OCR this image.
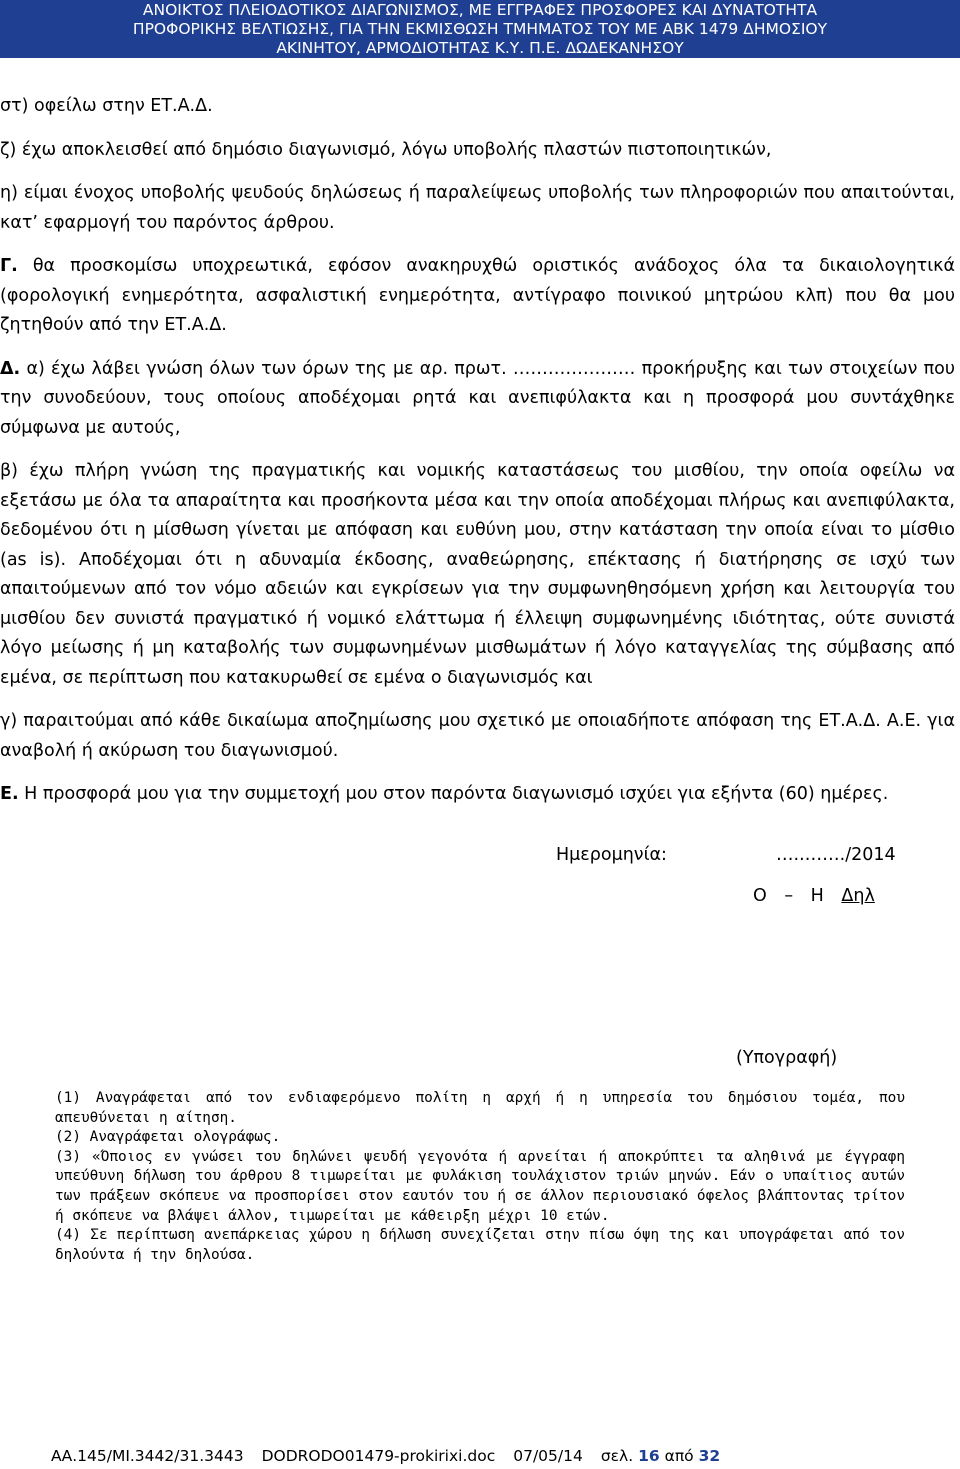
ΑΝΟΙΚΤΟΣ ΠΛΕΙΟΔΟΤΙΚΟΣ ΔΙΑΓΩΝΙΣΜΟΣ, ΜΕ ΕΓΓΡΑΦΕΣ ΠΡΟΣΦΟΡΕΣ ΚΑΙ ΔΥΝΑΤΟΤΗΤΑ
ΠΡΟΦΟΡΙΚΗΣ ΒΕΛΤΙΩΣΗΣ, ΓΙΑ ΤΗΝ ΕΚΜΙΣΘΩΣΗ ΤΜΗΜΑΤΟΣ ΤΟΥ ΜΕ ΑΒΚ 1479 ΔΗΜΟΣΙΟΥ
ΑΚΙΝΗΤΟΥ, ΑΡΜΟΔΙΟΤΗΤΑΣ Κ.Υ. Π.Ε. ΔΩΔΕΚΑΝΗΣΟΥ

στ) οφείλω στην ΕΤ.Α.Δ.

ζ) έχω αποκλεισθεί από δημόσιο διαγωνισμό, λόγω υποβολής πλαστών πιστοποιητικών,

η) είμαι ένοχος υποβολής ψευδούς δηλώσεως ή παραλείψεως υποβολής των πληροφοριών που απαιτούνται, κατ’ εφαρμογή του παρόντος άρθρου.

Γ. θα προσκομίσω υποχρεωτικά, εφόσον ανακηρυχθώ οριστικός ανάδοχος όλα τα δικαιολογητικά (φορολογική ενημερότητα, ασφαλιστική ενημερότητα, αντίγραφο ποινικού μητρώου κλπ) που θα μου ζητηθούν από την ΕΤ.Α.Δ.

Δ. α) έχω λάβει γνώση όλων των όρων της με αρ. πρωτ. ………………… προκήρυξης και των στοιχείων που την συνοδεύουν, τους οποίους αποδέχομαι ρητά και ανεπιφύλακτα και η προσφορά μου συντάχθηκε σύμφωνα με αυτούς,

β) έχω πλήρη γνώση της πραγματικής και νομικής καταστάσεως του μισθίου, την οποία οφείλω να εξετάσω με όλα τα απαραίτητα και προσήκοντα μέσα και την οποία αποδέχομαι πλήρως και ανεπιφύλακτα, δεδομένου ότι η μίσθωση γίνεται με απόφαση και ευθύνη μου, στην κατάσταση την οποία είναι το μίσθιο (as is). Αποδέχομαι ότι η αδυναμία έκδοσης, αναθεώρησης, επέκτασης ή διατήρησης σε ισχύ των απαιτούμενων από τον νόμο αδειών και εγκρίσεων για την συμφωνηθησόμενη χρήση και λειτουργία του μισθίου δεν συνιστά πραγματικό ή νομικό ελάττωμα ή έλλειψη συμφωνημένης ιδιότητας, ούτε συνιστά λόγο μείωσης ή μη καταβολής των συμφωνημένων μισθωμάτων ή λόγο καταγγελίας της σύμβασης από εμένα, σε περίπτωση που κατακυρωθεί σε εμένα ο διαγωνισμός και

γ) παραιτούμαι από κάθε δικαίωμα αποζημίωσης μου σχετικό με οποιαδήποτε απόφαση της ΕΤ.Α.Δ. Α.Ε. για αναβολή ή ακύρωση του διαγωνισμού.

Ε. Η προσφορά μου για την συμμετοχή μου στον παρόντα διαγωνισμό ισχύει για εξήντα (60) ημέρες.

Ημερομηνία:	…..……./2014
Ο – Η Δηλ
(Υπογραφή)

(1) Αναγράφεται από τον ενδιαφερόμενο πολίτη η αρχή ή η υπηρεσία του δημόσιου τομέα, που απευθύνεται η αίτηση.

(2) Αναγράφεται ολογράφως.

(3) «Όποιος εν γνώσει του δηλώνει ψευδή γεγονότα ή αρνείται ή αποκρύπτει τα αληθινά με έγγραφη υπεύθυνη δήλωση του άρθρου 8 τιμωρείται με φυλάκιση τουλάχιστον τριών μηνών. Εάν ο υπαίτιος αυτών των πράξεων σκόπευε να προσπορίσει στον εαυτόν του ή σε άλλον περιουσιακό όφελος βλάπτοντας τρίτον ή σκόπευε να βλάψει άλλον, τιμωρείται με κάθειρξη μέχρι 10 ετών.

(4) Σε περίπτωση ανεπάρκειας χώρου η δήλωση συνεχίζεται στην πίσω όψη της και υπογράφεται από τον δηλούντα ή την δηλούσα.

ΑΑ.145/ΜΙ.3442/31.3443 DODRODO01479-prokirixi.doc 07/05/14 σελ. 16 από 32
